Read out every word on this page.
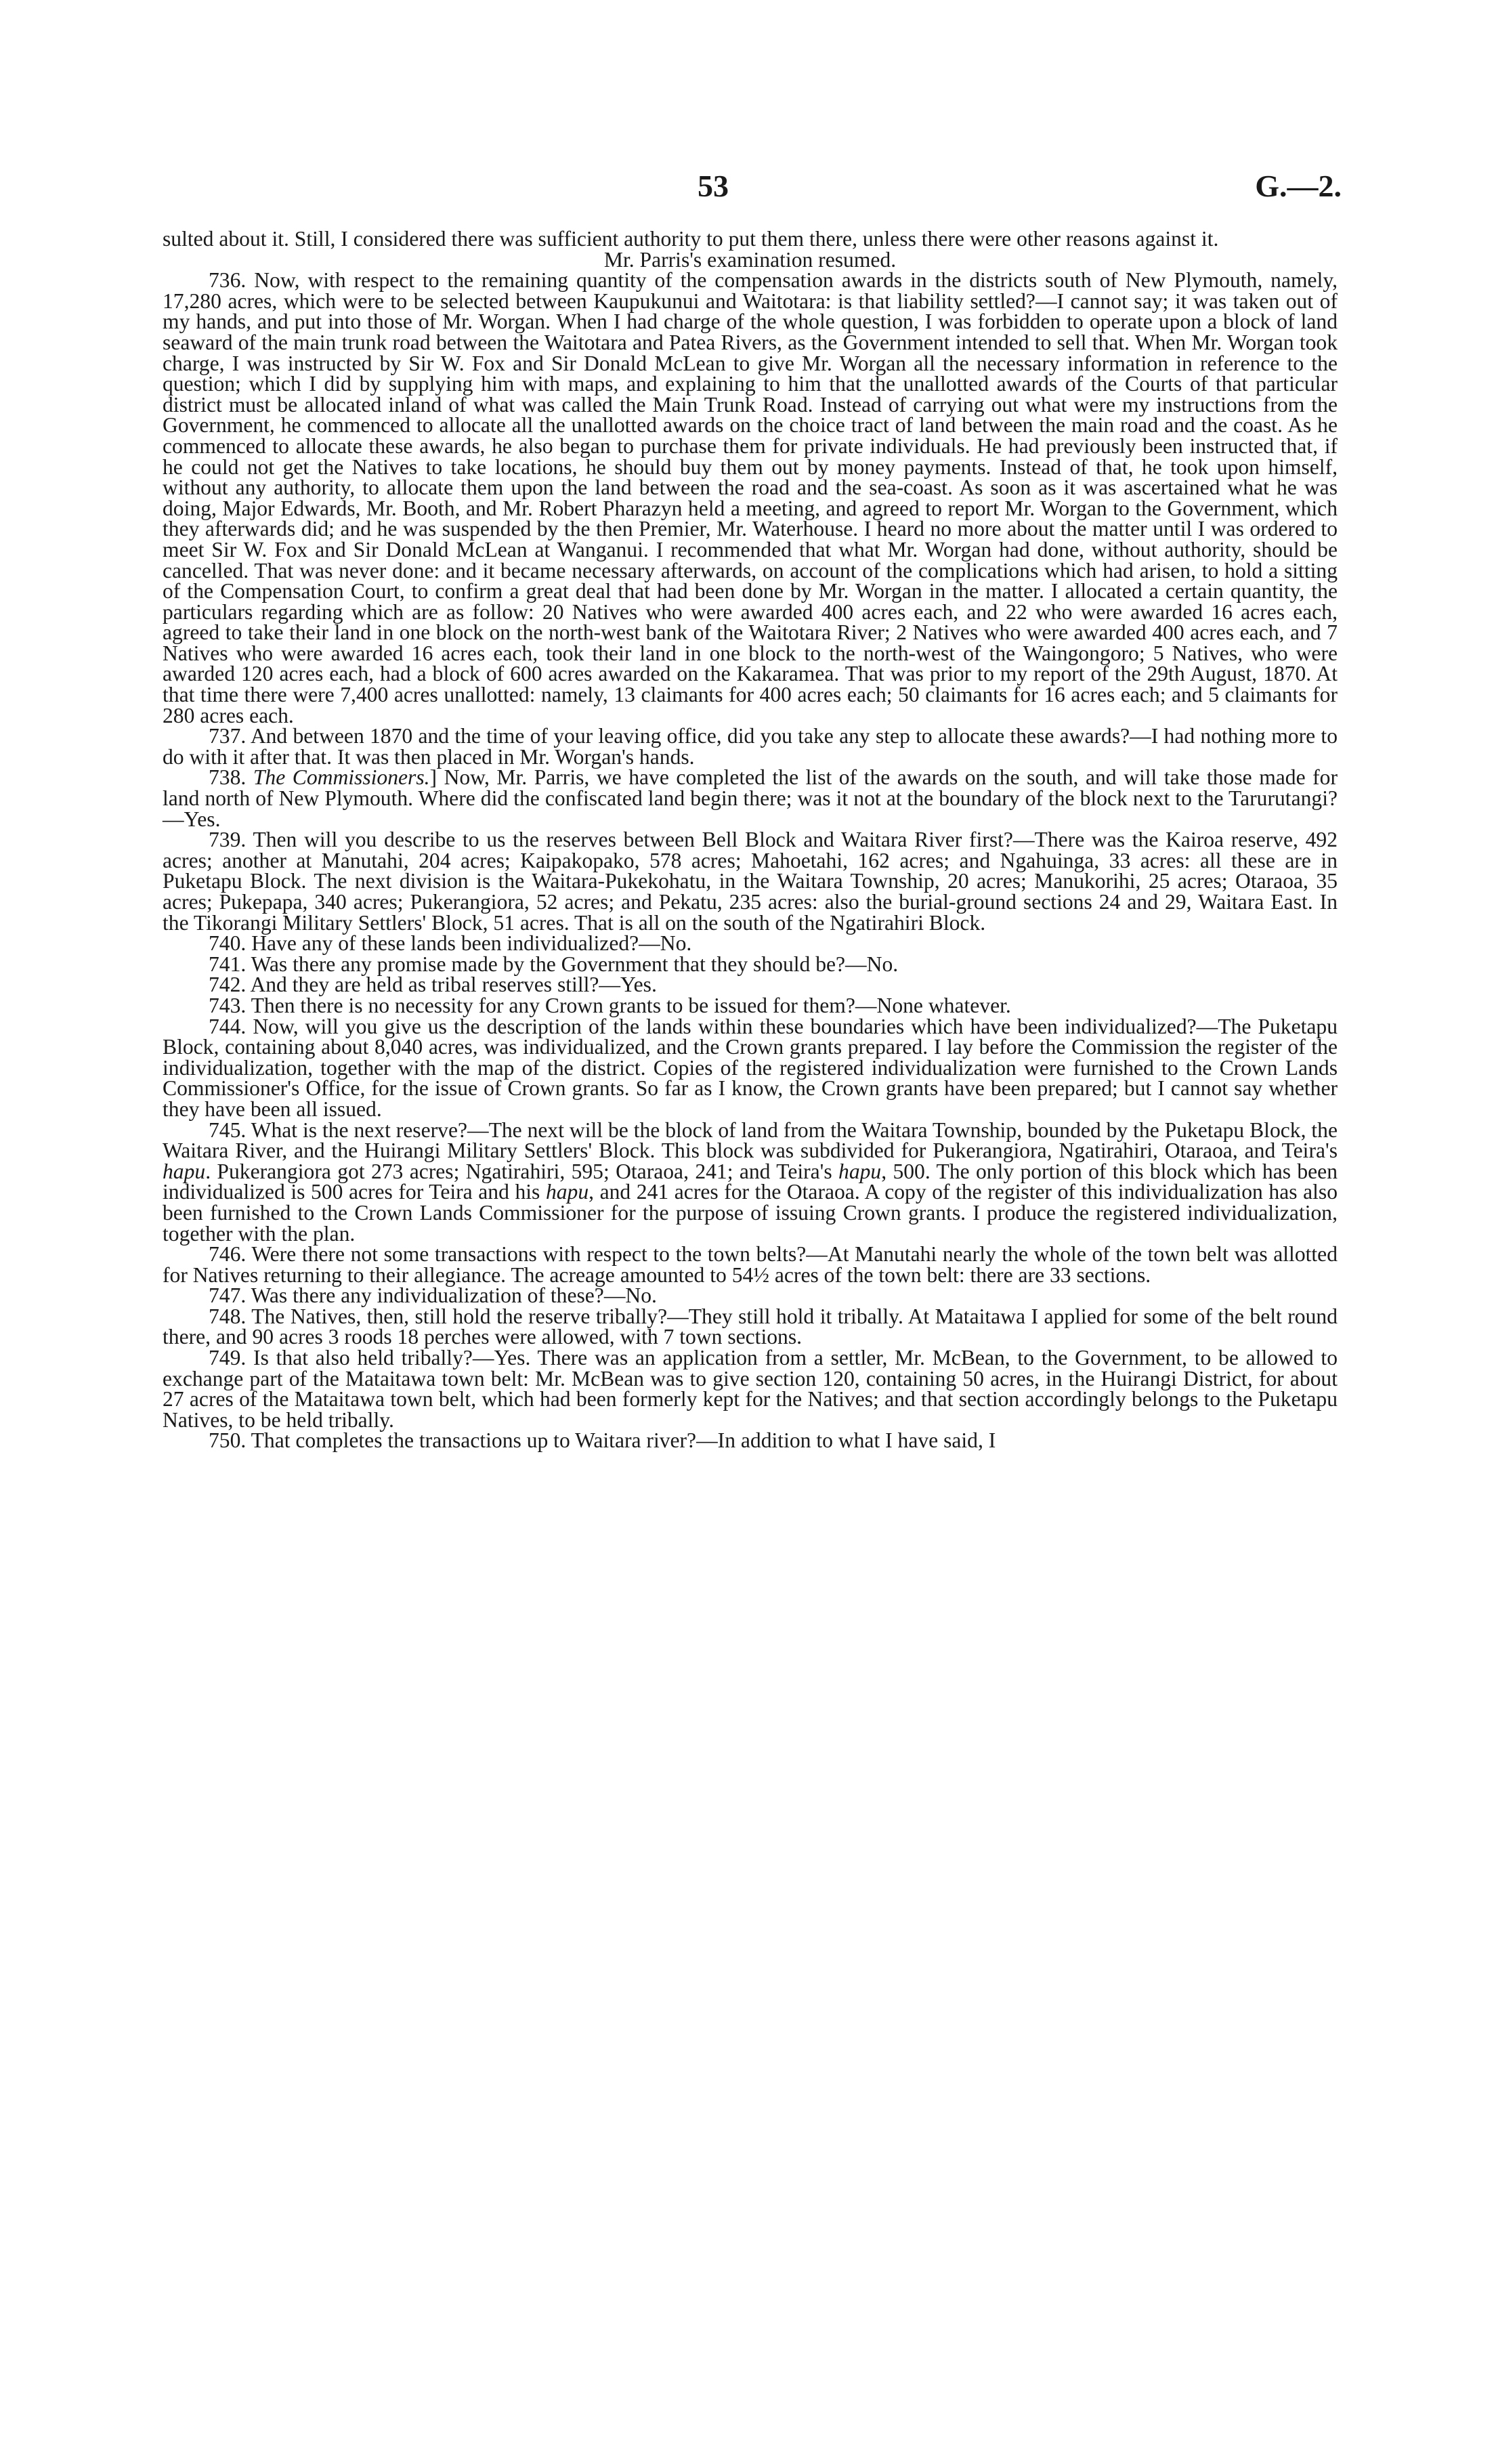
53	G.—2.

sulted about it. Still, I considered there was sufficient authority to put them there, unless there were other reasons against it.

Mr. Parris's examination resumed.

736. Now, with respect to the remaining quantity of the compensation awards in the districts south of New Plymouth, namely, 17,280 acres, which were to be selected between Kaupukunui and Waitotara: is that liability settled?—I cannot say; it was taken out of my hands, and put into those of Mr. Worgan. When I had charge of the whole question, I was forbidden to operate upon a block of land seaward of the main trunk road between the Waitotara and Patea Rivers, as the Government intended to sell that. When Mr. Worgan took charge, I was instructed by Sir W. Fox and Sir Donald McLean to give Mr. Worgan all the necessary information in reference to the question; which I did by supplying him with maps, and explaining to him that the unallotted awards of the Courts of that particular district must be allocated inland of what was called the Main Trunk Road. Instead of carrying out what were my instructions from the Government, he commenced to allocate all the unallotted awards on the choice tract of land between the main road and the coast. As he commenced to allocate these awards, he also began to purchase them for private individuals. He had previously been instructed that, if he could not get the Natives to take locations, he should buy them out by money payments. Instead of that, he took upon himself, without any authority, to allocate them upon the land between the road and the sea-coast. As soon as it was ascertained what he was doing, Major Edwards, Mr. Booth, and Mr. Robert Pharazyn held a meeting, and agreed to report Mr. Worgan to the Government, which they afterwards did; and he was suspended by the then Premier, Mr. Waterhouse. I heard no more about the matter until I was ordered to meet Sir W. Fox and Sir Donald McLean at Wanganui. I recommended that what Mr. Worgan had done, without authority, should be cancelled. That was never done: and it became necessary afterwards, on account of the complications which had arisen, to hold a sitting of the Compensation Court, to confirm a great deal that had been done by Mr. Worgan in the matter. I allocated a certain quantity, the particulars regarding which are as follow: 20 Natives who were awarded 400 acres each, and 22 who were awarded 16 acres each, agreed to take their land in one block on the north-west bank of the Waitotara River; 2 Natives who were awarded 400 acres each, and 7 Natives who were awarded 16 acres each, took their land in one block to the north-west of the Waingongoro; 5 Natives, who were awarded 120 acres each, had a block of 600 acres awarded on the Kakaramea. That was prior to my report of the 29th August, 1870. At that time there were 7,400 acres unallotted: namely, 13 claimants for 400 acres each; 50 claimants for 16 acres each; and 5 claimants for 280 acres each.

737. And between 1870 and the time of your leaving office, did you take any step to allocate these awards?—I had nothing more to do with it after that. It was then placed in Mr. Worgan's hands.

738. The Commissioners.] Now, Mr. Parris, we have completed the list of the awards on the south, and will take those made for land north of New Plymouth. Where did the confiscated land begin there; was it not at the boundary of the block next to the Tarurutangi?—Yes.

739. Then will you describe to us the reserves between Bell Block and Waitara River first?—There was the Kairoa reserve, 492 acres; another at Manutahi, 204 acres; Kaipakopako, 578 acres; Mahoetahi, 162 acres; and Ngahuinga, 33 acres: all these are in Puketapu Block. The next division is the Waitara-Pukekohatu, in the Waitara Township, 20 acres; Manukorihi, 25 acres; Otaraoa, 35 acres; Pukepapa, 340 acres; Pukerangiora, 52 acres; and Pekatu, 235 acres: also the burial-ground sections 24 and 29, Waitara East. In the Tikorangi Military Settlers' Block, 51 acres. That is all on the south of the Ngatirahiri Block.

740. Have any of these lands been individualized?—No.

741. Was there any promise made by the Government that they should be?—No.

742. And they are held as tribal reserves still?—Yes.

743. Then there is no necessity for any Crown grants to be issued for them?—None whatever.

744. Now, will you give us the description of the lands within these boundaries which have been individualized?—The Puketapu Block, containing about 8,040 acres, was individualized, and the Crown grants prepared. I lay before the Commission the register of the individualization, together with the map of the district. Copies of the registered individualization were furnished to the Crown Lands Commissioner's Office, for the issue of Crown grants. So far as I know, the Crown grants have been prepared; but I cannot say whether they have been all issued.

745. What is the next reserve?—The next will be the block of land from the Waitara Township, bounded by the Puketapu Block, the Waitara River, and the Huirangi Military Settlers' Block. This block was subdivided for Pukerangiora, Ngatirahiri, Otaraoa, and Teira's hapu. Pukerangiora got 273 acres; Ngatirahiri, 595; Otaraoa, 241; and Teira's hapu, 500. The only portion of this block which has been individualized is 500 acres for Teira and his hapu, and 241 acres for the Otaraoa. A copy of the register of this individualization has also been furnished to the Crown Lands Commissioner for the purpose of issuing Crown grants. I produce the registered individualization, together with the plan.

746. Were there not some transactions with respect to the town belts?—At Manutahi nearly the whole of the town belt was allotted for Natives returning to their allegiance. The acreage amounted to 54½ acres of the town belt: there are 33 sections.

747. Was there any individualization of these?—No.

748. The Natives, then, still hold the reserve tribally?—They still hold it tribally. At Mataitawa I applied for some of the belt round there, and 90 acres 3 roods 18 perches were allowed, with 7 town sections.

749. Is that also held tribally?—Yes. There was an application from a settler, Mr. McBean, to the Government, to be allowed to exchange part of the Mataitawa town belt: Mr. McBean was to give section 120, containing 50 acres, in the Huirangi District, for about 27 acres of the Mataitawa town belt, which had been formerly kept for the Natives; and that section accordingly belongs to the Puketapu Natives, to be held tribally.

750. That completes the transactions up to Waitara river?—In addition to what I have said, I
